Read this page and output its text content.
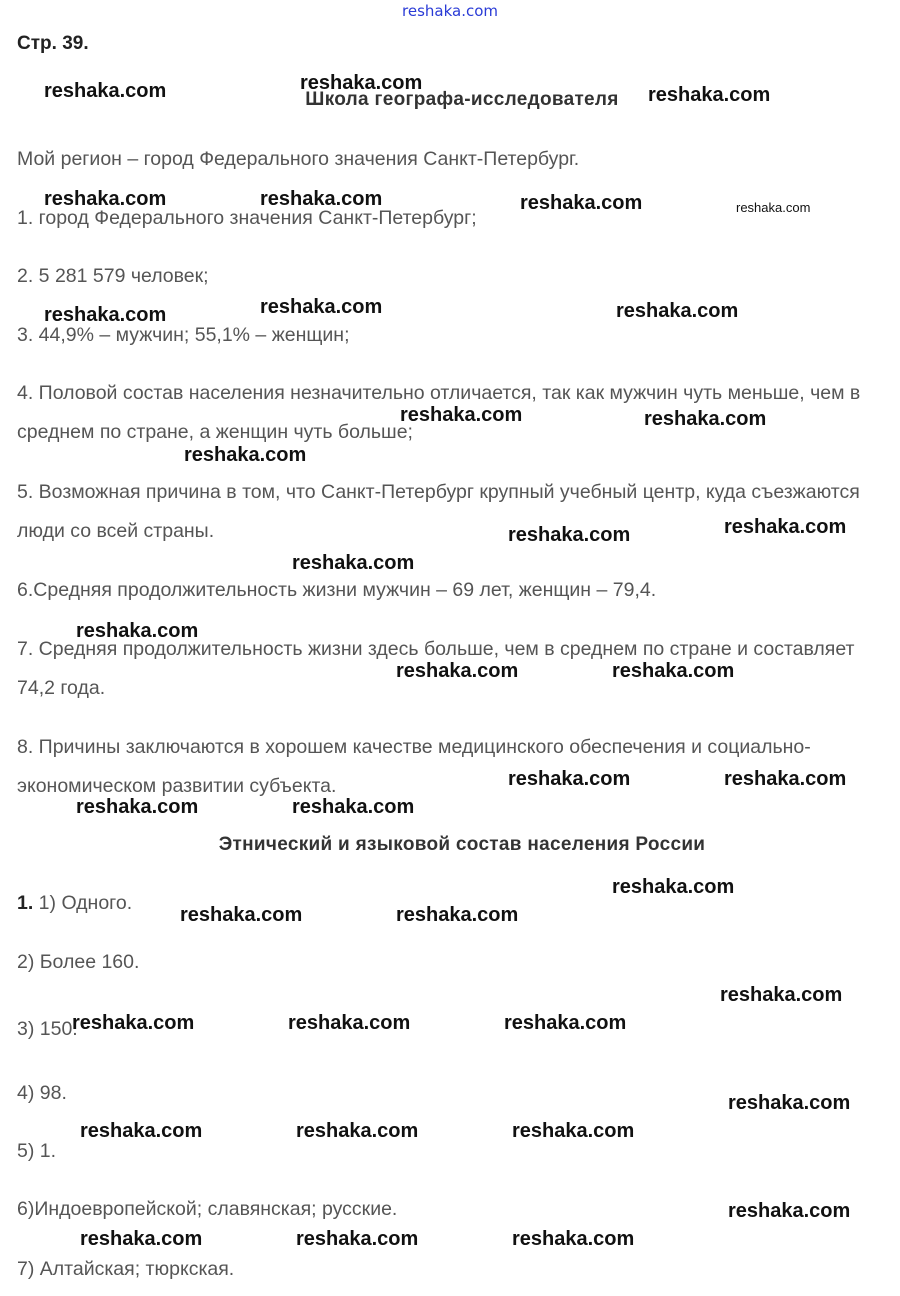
reshaka.com
Стр. 39.
Школа географа-исследователя
Мой регион – город Федерального значения Санкт-Петербург.
1. город Федерального значения Санкт-Петербург;
2. 5 281 579 человек;
3. 44,9% – мужчин; 55,1% – женщин;
4. Половой состав населения незначительно отличается, так как мужчин чуть меньше, чем в среднем по стране, а женщин чуть больше;
5. Возможная причина в том, что Санкт-Петербург крупный учебный центр, куда съезжаются люди со всей страны.
6.Средняя продолжительность жизни мужчин – 69 лет, женщин – 79,4.
7. Средняя продолжительность жизни здесь больше, чем в среднем по стране и составляет 74,2 года.
8. Причины заключаются в хорошем качестве медицинского обеспечения и социально-экономическом развитии субъекта.
Этнический и языковой состав населения России
1. 1) Одного.
2) Более 160.
3) 150.
4) 98.
5) 1.
6)Индоевропейской; славянская; русские.
7) Алтайская; тюркская.
reshaka.com	reshaka.com
reshaka.com
reshaka.com	reshaka.com	reshaka.com	reshaka.com
reshaka.com	reshaka.com	reshaka.com
reshaka.com	reshaka.com
reshaka.com
reshaka.com
reshaka.com
reshaka.com
reshaka.com
reshaka.com	reshaka.com
reshaka.com	reshaka.com
reshaka.com	reshaka.com
reshaka.com
reshaka.com	reshaka.com
reshaka.com
reshaka.com	reshaka.com	reshaka.com
reshaka.com
reshaka.com	reshaka.com	reshaka.com
reshaka.com
reshaka.com	reshaka.com	reshaka.com
